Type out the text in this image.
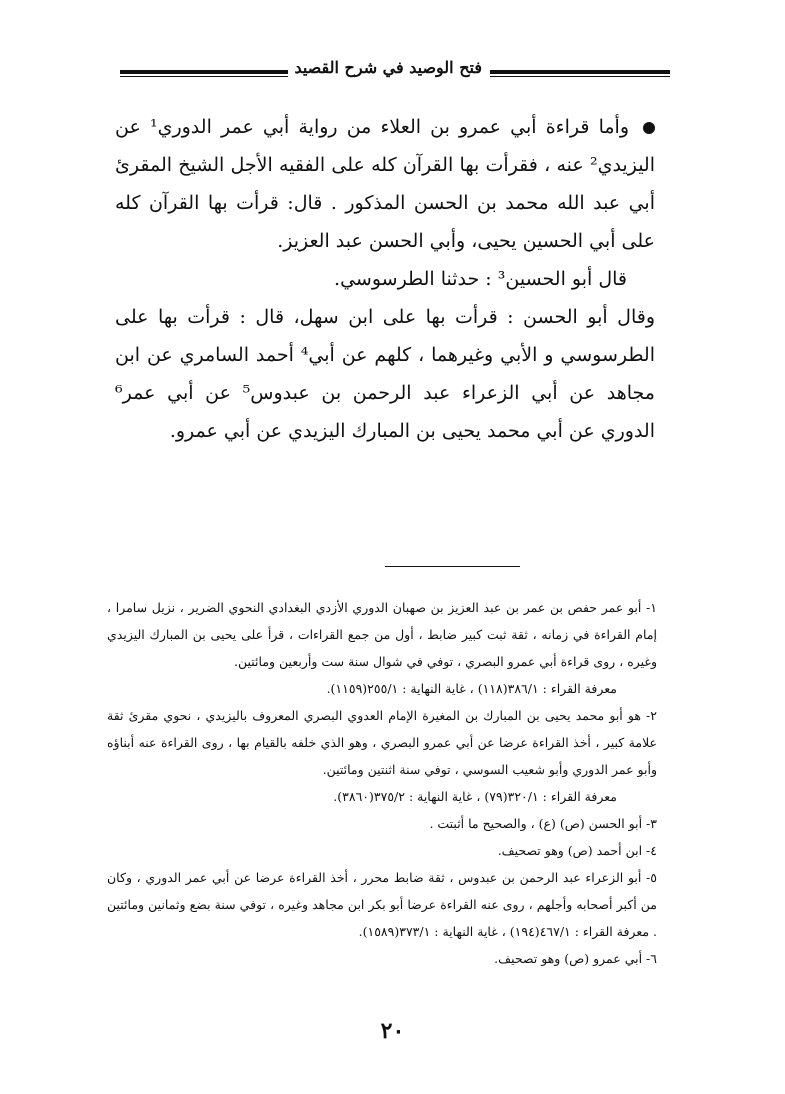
فتح الوصيد في شرح القصيد

وأما قراءة أبي عمرو بن العلاء من رواية أبي عمر الدوري¹ عن اليزيدي² عنه ، فقرأت بها القرآن كله على الفقيه الأجل الشيخ المقرئ أبي عبد الله محمد بن الحسن المذكور . قال: قرأت بها القرآن كله على أبي الحسين يحيى، وأبي الحسن عبد العزيز.

قال أبو الحسين³ : حدثنا الطرسوسي.

وقال أبو الحسن : قرأت بها على ابن سهل، قال : قرأت بها على الطرسوسي و الأبي وغيرهما ، كلهم عن أبي⁴ أحمد السامري عن ابن مجاهد عن أبي الزعراء عبد الرحمن بن عبدوس⁵ عن أبي عمر⁶ الدوري عن أبي محمد يحيى بن المبارك اليزيدي عن أبي عمرو.

١- أبو عمر حفص بن عمر بن عبد العزيز بن صهبان الدوري الأزدي البغدادي النحوي الضرير ، نزيل سامرا ، إمام القراءة في زمانه ، ثقة ثبت كبير ضابط ، أول من جمع القراءات ، قرأ على يحيى بن المبارك اليزيدي وغيره ، روى قراءة أبي عمرو البصري ، توفي في شوال سنة ست وأربعين ومائتين.

معرفة القراء : ٣٨٦/١(١١٨) ، غاية النهاية : ٢٥٥/١(١١٥٩).

٢- هو أبو محمد يحيى بن المبارك بن المغيرة الإمام العدوي البصري المعروف باليزيدي ، نحوي مقرئ ثقة علامة كبير ، أخذ القراءة عرضا عن أبي عمرو البصري ، وهو الذي خلفه بالقيام بها ، روى القراءة عنه أبناؤه وأبو عمر الدوري وأبو شعيب السوسي ، توفي سنة اثنتين ومائتين.

معرفة القراء : ٣٢٠/١(٧٩) ، غاية النهاية : ٣٧٥/٢(٣٨٦٠).

٣- أبو الحسن (ص) (ع) ، والصحيح ما أثبتت .

٤- ابن أحمد (ص) وهو تصحيف.

٥- أبو الزعراء عبد الرحمن بن عبدوس ، ثقة ضابط محرر ، أخذ القراءة عرضا عن أبي عمر الدوري ، وكان من أكبر أصحابه وأجلهم ، روى عنه القراءة عرضا أبو بكر ابن مجاهد وغيره ، توفي سنة بضع وثمانين ومائتين . معرفة القراء : ٤٦٧/١(١٩٤) ، غاية النهاية : ٣٧٣/١(١٥٨٩).

٦- أبي عمرو (ص) وهو تصحيف.

٢٠
